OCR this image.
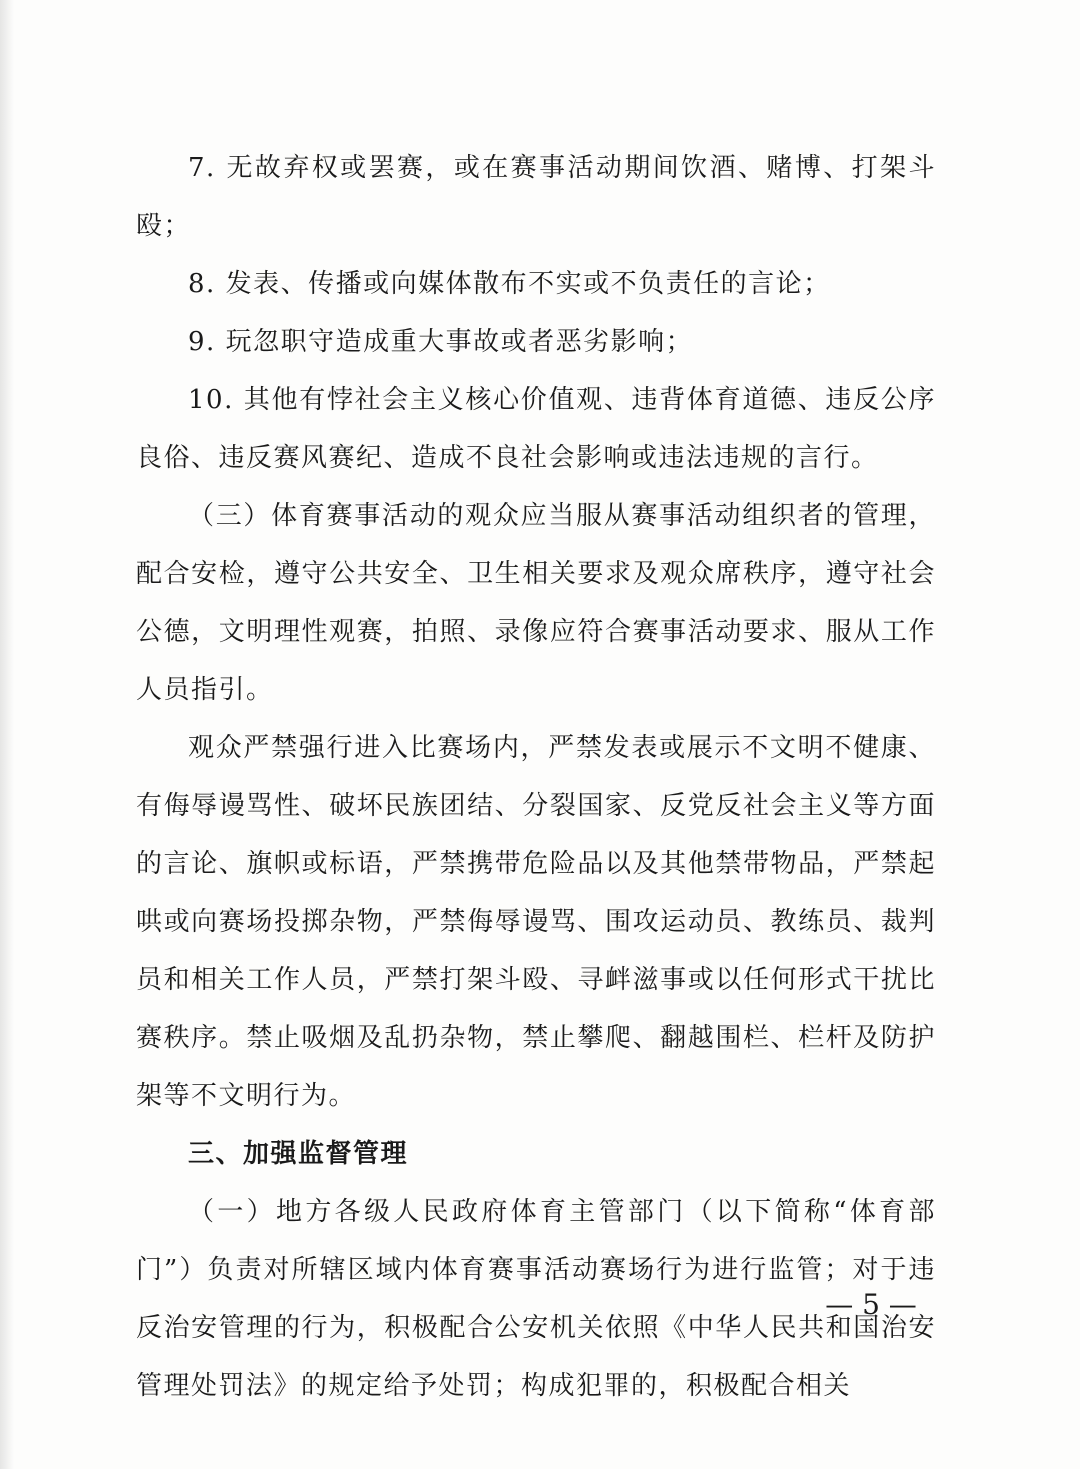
7. 无故弃权或罢赛，或在赛事活动期间饮酒、赌博、打架斗殴；

8. 发表、传播或向媒体散布不实或不负责任的言论；

9. 玩忽职守造成重大事故或者恶劣影响；

10. 其他有悖社会主义核心价值观、违背体育道德、违反公序良俗、违反赛风赛纪、造成不良社会影响或违法违规的言行。

（三）体育赛事活动的观众应当服从赛事活动组织者的管理，配合安检，遵守公共安全、卫生相关要求及观众席秩序，遵守社会公德，文明理性观赛，拍照、录像应符合赛事活动要求、服从工作人员指引。

观众严禁强行进入比赛场内，严禁发表或展示不文明不健康、有侮辱谩骂性、破坏民族团结、分裂国家、反党反社会主义等方面的言论、旗帜或标语，严禁携带危险品以及其他禁带物品，严禁起哄或向赛场投掷杂物，严禁侮辱谩骂、围攻运动员、教练员、裁判员和相关工作人员，严禁打架斗殴、寻衅滋事或以任何形式干扰比赛秩序。禁止吸烟及乱扔杂物，禁止攀爬、翻越围栏、栏杆及防护架等不文明行为。

三、加强监督管理

（一）地方各级人民政府体育主管部门（以下简称“体育部门”）负责对所辖区域内体育赛事活动赛场行为进行监管；对于违反治安管理的行为，积极配合公安机关依照《中华人民共和国治安管理处罚法》的规定给予处罚；构成犯罪的，积极配合相关

— 5 —
